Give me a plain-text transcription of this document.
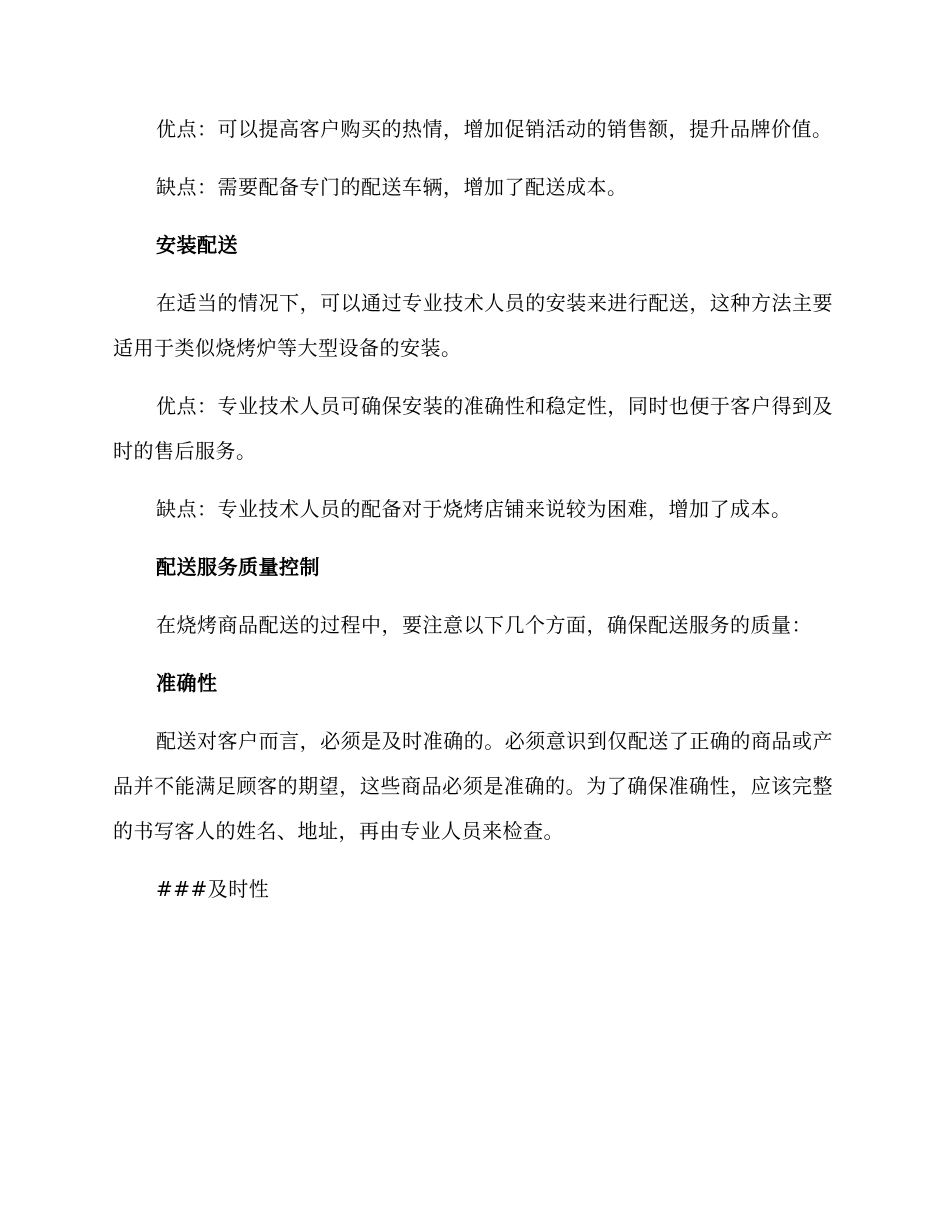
优点：可以提高客户购买的热情，增加促销活动的销售额，提升品牌价值。

缺点：需要配备专门的配送车辆，增加了配送成本。

安装配送

在适当的情况下，可以通过专业技术人员的安装来进行配送，这种方法主要适用于类似烧烤炉等大型设备的安装。

优点：专业技术人员可确保安装的准确性和稳定性，同时也便于客户得到及时的售后服务。

缺点：专业技术人员的配备对于烧烤店铺来说较为困难，增加了成本。

配送服务质量控制

在烧烤商品配送的过程中，要注意以下几个方面，确保配送服务的质量：

准确性

配送对客户而言，必须是及时准确的。必须意识到仅配送了正确的商品或产品并不能满足顾客的期望，这些商品必须是准确的。为了确保准确性，应该完整的书写客人的姓名、地址，再由专业人员来检查。

###及时性
